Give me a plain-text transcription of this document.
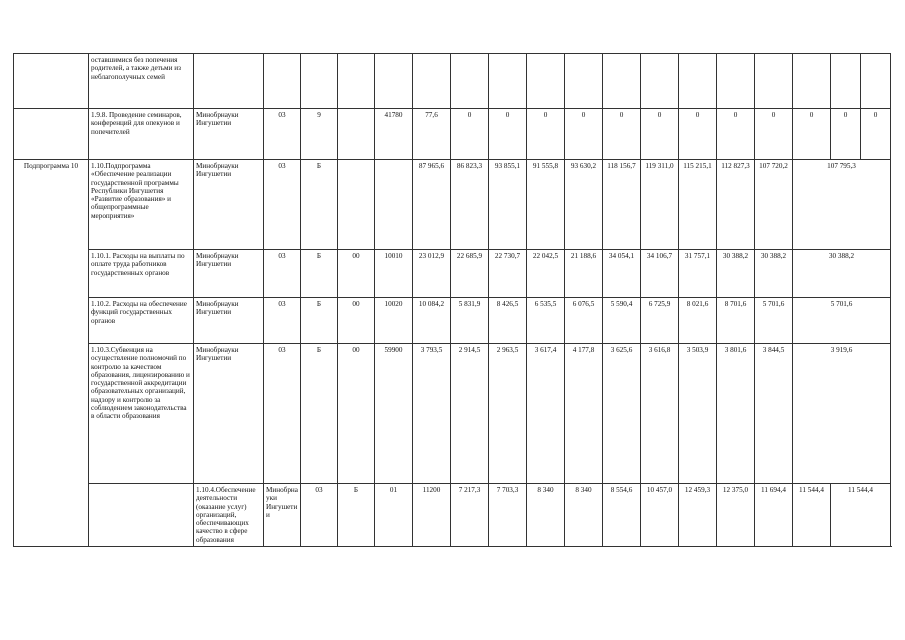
	оставшимися без попечения родителей, а также детьми из неблагополучных семей																			
	1.9.8. Проведение семинаров, конференций для опекунов и попечителей	Минобрнауки Ингушетии	03	9		41780	77,6	0	0	0	0	0	0	0	0	0	0	0	0	
Подпрограмма 10	1.10.Подпрограмма «Обеспечение реализации государственной программы Республики Ингушетия «Развитие образования» и общепрограммные мероприятия»	Минобрнауки Ингушетии	03	Б			87 965,6	86 823,3	93 855,1	91 555,8	93 630,2	118 156,7	119 311,0	115 215,1	112 827,3	107 720,2	107 795,3	
	1.10.1. Расходы на выплаты по оплате труда работников государственных органов	Минобрнауки Ингушетии	03	Б	00	10010	23 012,9	22 685,9	22 730,7	22 042,5	21 188,6	34 054,1	34 106,7	31 757,1	30 388,2	30 388,2	30 388,2	
	1.10.2. Расходы на обеспечение функций государственных органов	Минобрнауки Ингушетии	03	Б	00	10020	10 084,2	5 831,9	8 426,5	6 535,5	6 076,5	5 590,4	6 725,9	8 021,6	8 701,6	5 701,6	5 701,6	
	1.10.3.Субвенция на осуществление полномочий по контролю за качеством образования, лицензированию и государственной аккредитации образовательных организаций, надзору и контролю за соблюдением законодательства в области образования	Минобрнауки Ингушетии	03	Б	00	59900	3 793,5	2 914,5	2 963,5	3 617,4	4 177,8	3 625,6	3 616,8	3 503,9	3 801,6	3 844,5	3 919,6	
		1.10.4.Обеспечение деятельности (оказание услуг) организаций, обеспечивающих качество в сфере образования	Минобрнауки Ингушетии	03	Б	01	11200	7 217,3	7 703,3	8 340	8 340	8 554,6	10 457,0	12 459,3	12 375,0	11 694,4	11 544,4	11 544,4	
